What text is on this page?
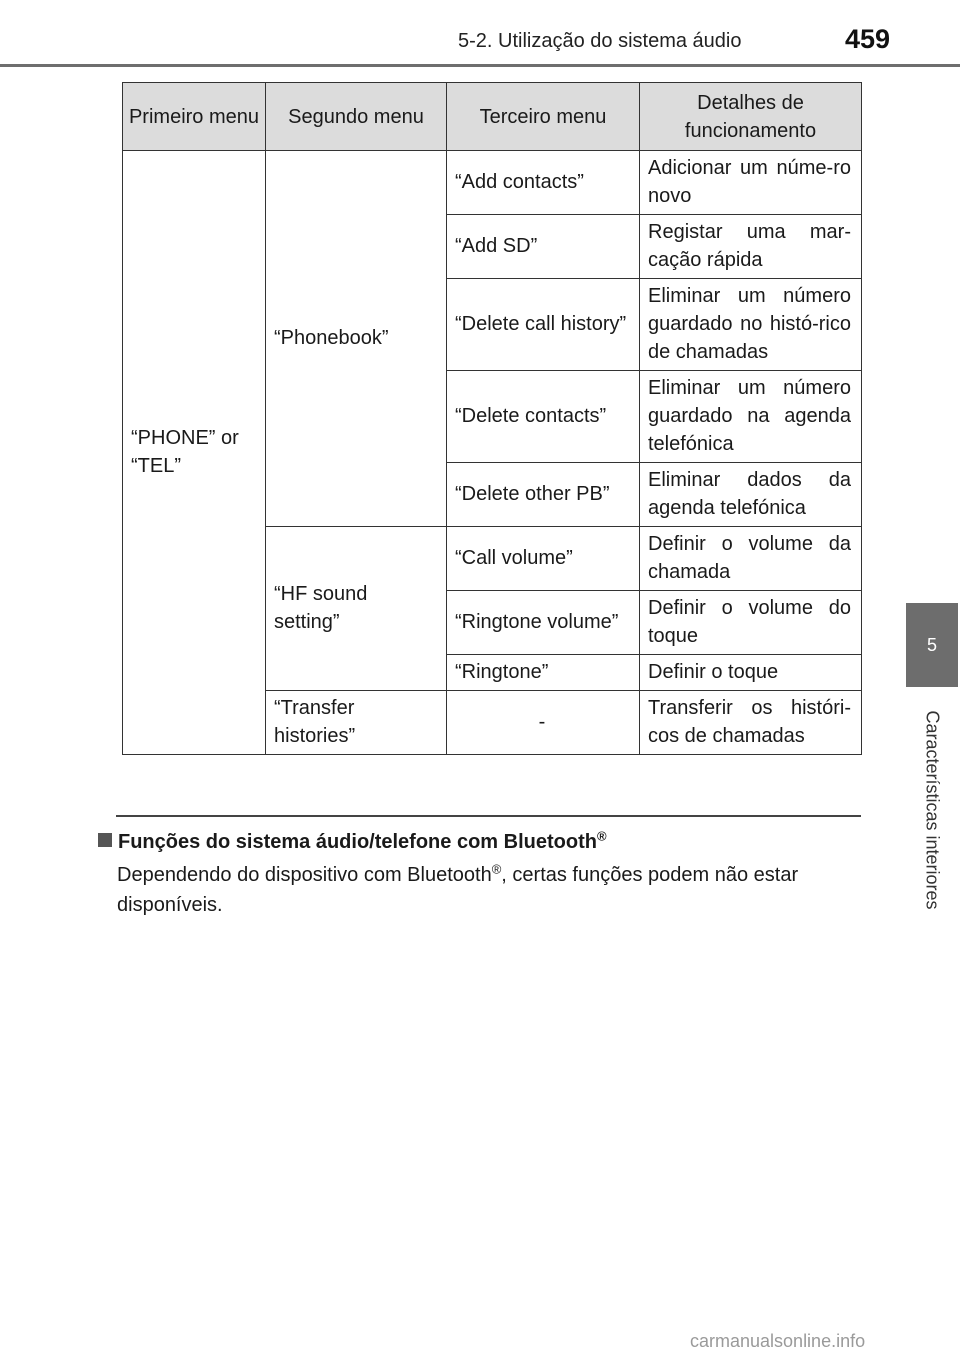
5-2. Utilização do sistema áudio	459
5
Características interiores
Primeiro menu	Segundo menu	Terceiro menu	Detalhes de funcionamento
“PHONE” or “TEL”	“Phonebook”	“Add contacts”	Adicionar um núme-ro novo
		“Add SD”	Registar uma mar-cação rápida
		“Delete call history”	Eliminar um número guardado no histó-rico de chamadas
		“Delete contacts”	Eliminar um número guardado na agenda telefónica
		“Delete other PB”	Eliminar dados da agenda telefónica
	“HF sound setting”	“Call volume”	Definir o volume da chamada
		“Ringtone volume”	Definir o volume do toque
		“Ringtone”	Definir o toque
	“Transfer histories”	-	Transferir os históri-cos de chamadas
Funções do sistema áudio/telefone com Bluetooth®
Dependendo do dispositivo com Bluetooth®, certas funções podem não estar disponíveis.
carmanualsonline.info
